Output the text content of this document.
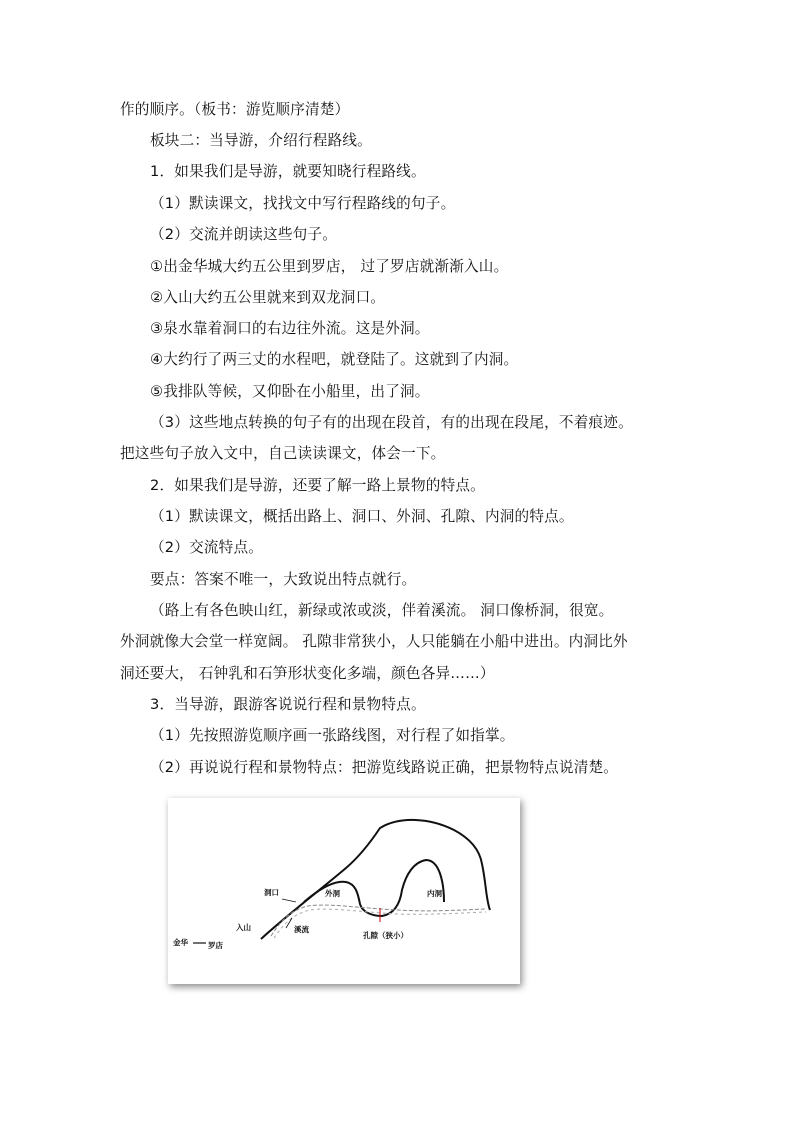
作的顺序。（板书：游览顺序清楚）

板块二：当导游，介绍行程路线。

1．如果我们是导游，就要知晓行程路线。

（1）默读课文，找找文中写行程路线的句子。

（2）交流并朗读这些句子。

①出金华城大约五公里到罗店， 过了罗店就渐渐入山。

②入山大约五公里就来到双龙洞口。

③泉水靠着洞口的右边往外流。这是外洞。

④大约行了两三丈的水程吧，就登陆了。这就到了内洞。

⑤我排队等候，又仰卧在小船里，出了洞。

（3）这些地点转换的句子有的出现在段首，有的出现在段尾，不着痕迹。

把这些句子放入文中，自己读读课文，体会一下。

2．如果我们是导游，还要了解一路上景物的特点。

（1）默读课文，概括出路上、洞口、外洞、孔隙、内洞的特点。

（2）交流特点。

要点：答案不唯一，大致说出特点就行。

（路上有各色映山红，新绿或浓或淡，伴着溪流。 洞口像桥洞，很宽。

外洞就像大会堂一样宽阔。 孔隙非常狭小，人只能躺在小船中进出。内洞比外

洞还要大， 石钟乳和石笋形状变化多端，颜色各异……）

3．当导游，跟游客说说行程和景物特点。

（1）先按照游览顺序画一张路线图，对行程了如指掌。

（2）再说说行程和景物特点：把游览线路说正确，把景物特点说清楚。

金华	罗店
入山	溪流
洞口	外洞	内洞
孔隙（狭小）
